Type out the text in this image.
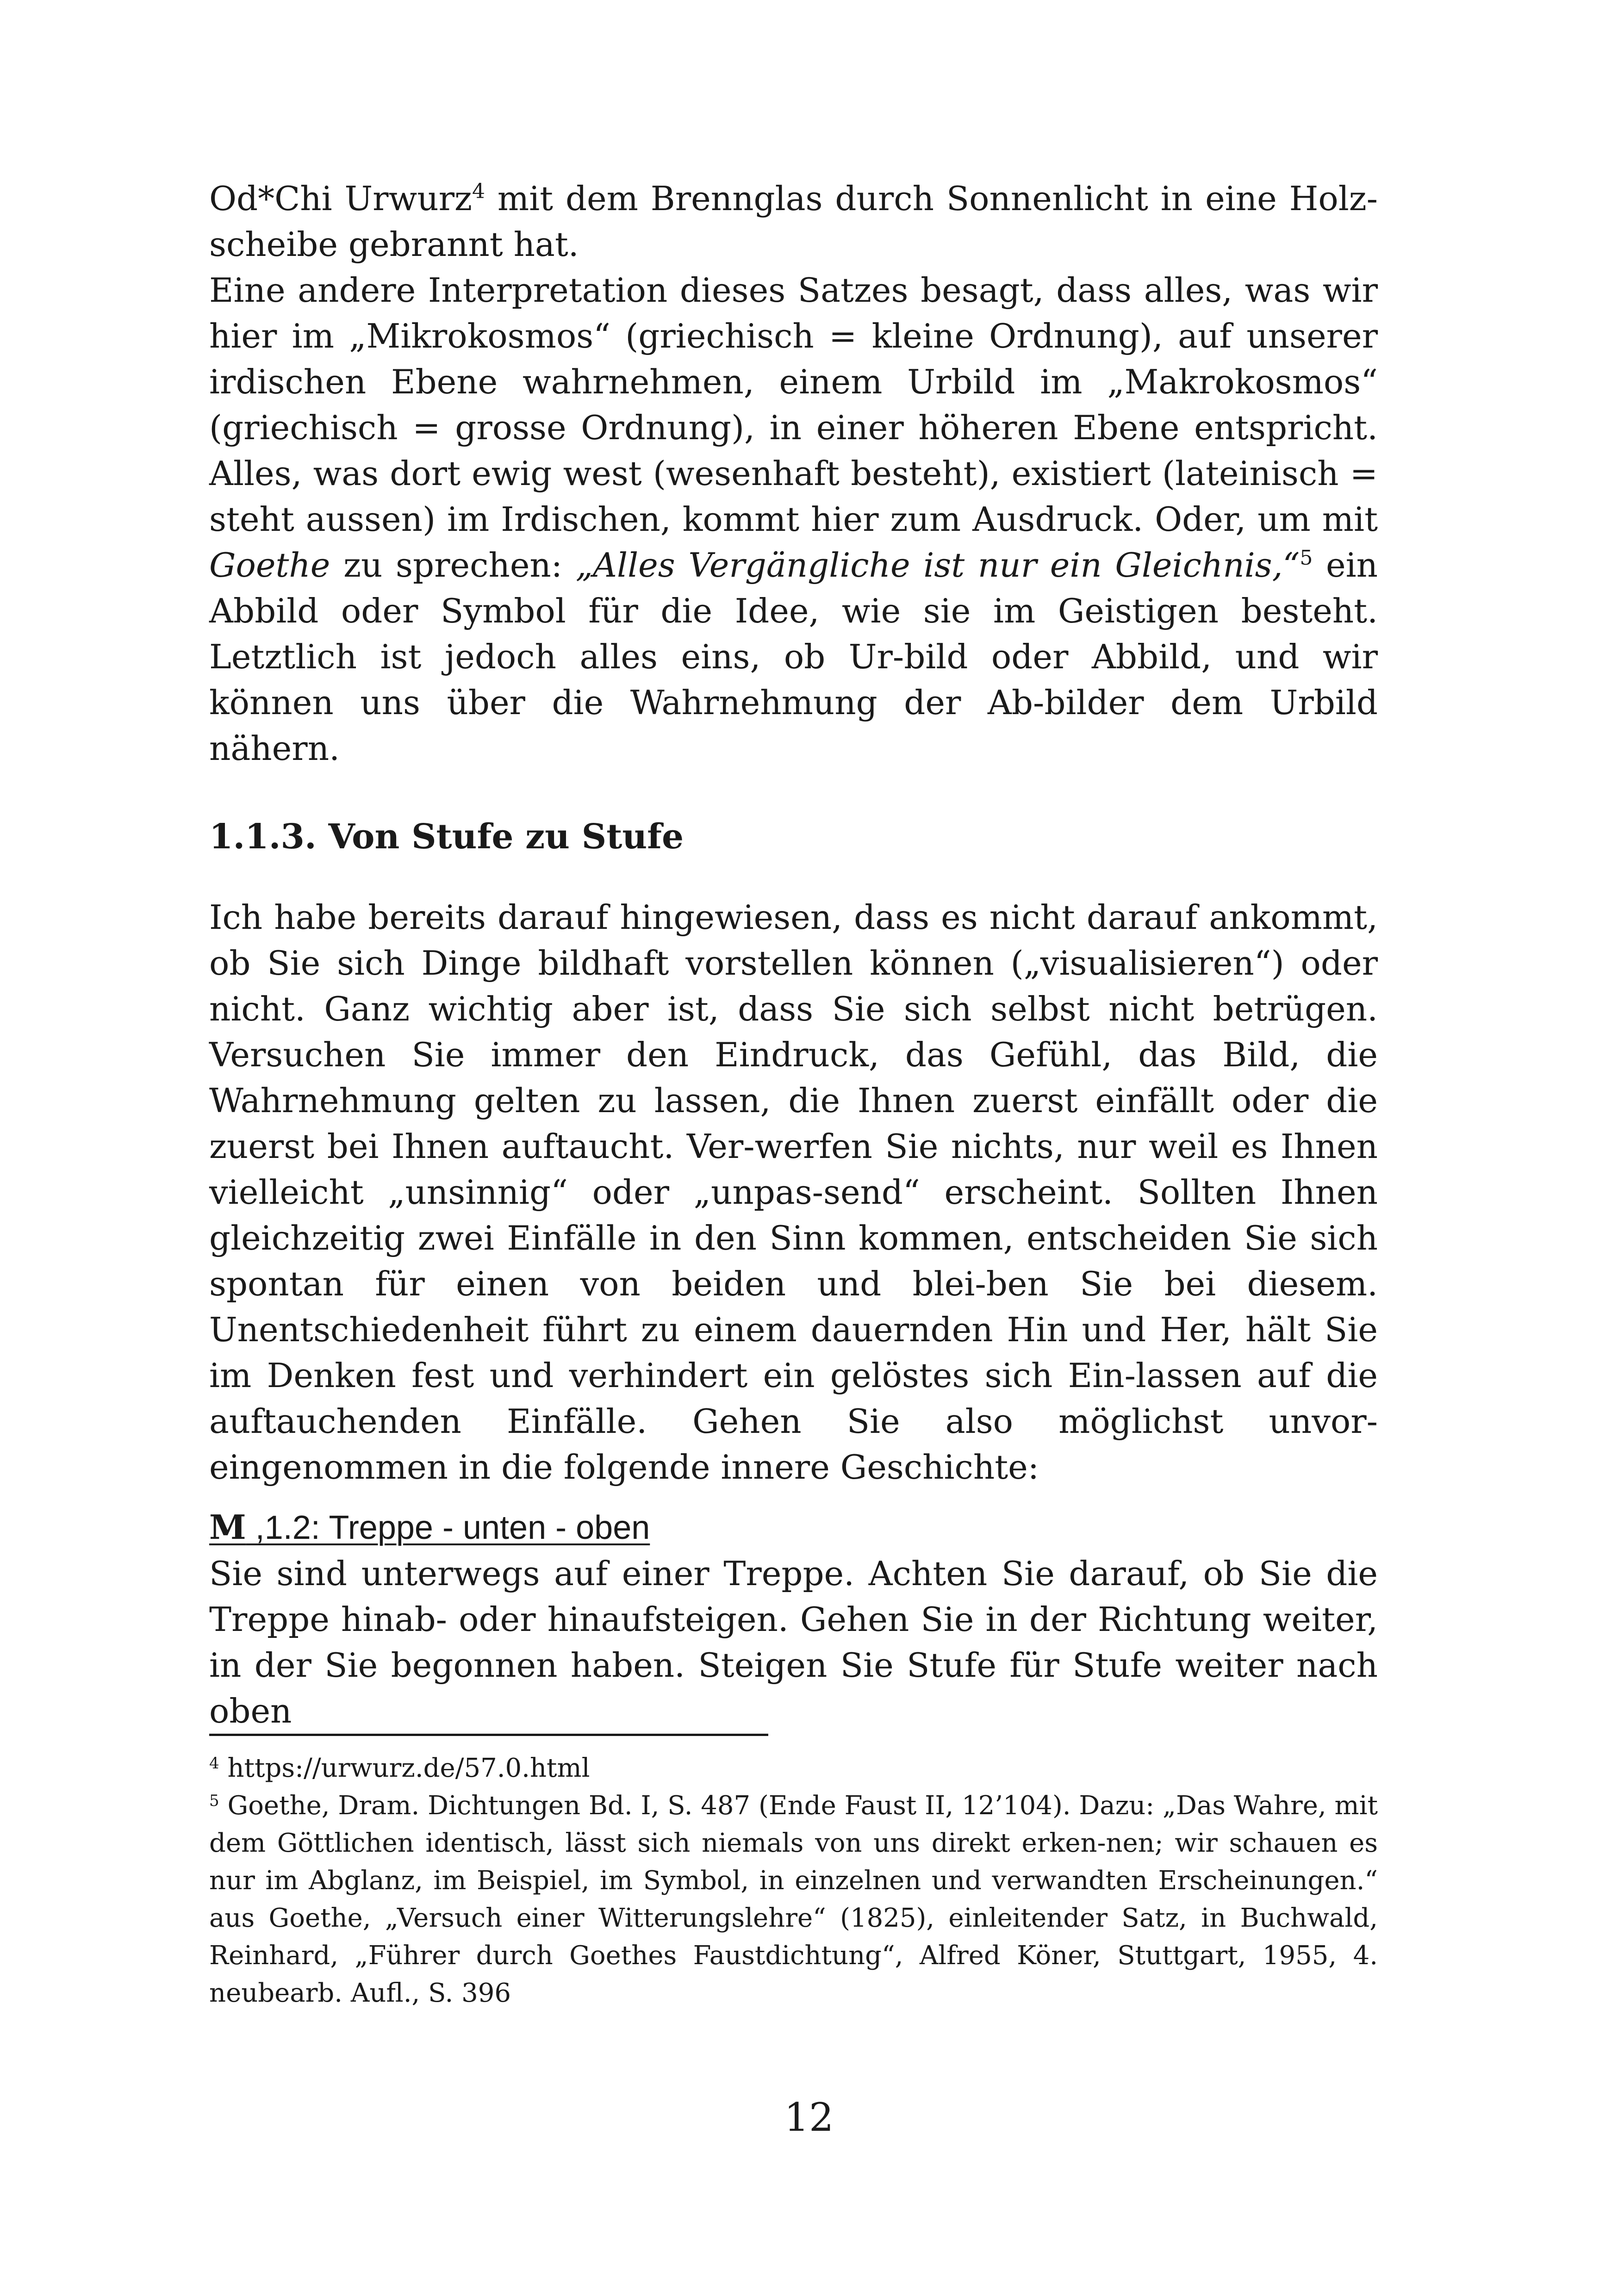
Od*Chi Urwurz$^4$ mit dem Brennglas durch Sonnenlicht in eine Holz-scheibe gebrannt hat.

Eine andere Interpretation dieses Satzes besagt, dass alles, was wir hier im „Mikrokosmos“ (griechisch = kleine Ordnung), auf unserer irdischen Ebene wahrnehmen, einem Urbild im „Makrokosmos“ (griechisch = grosse Ordnung), in einer höheren Ebene entspricht. Alles, was dort ewig west (wesenhaft besteht), existiert (lateinisch = steht aussen) im Irdischen, kommt hier zum Ausdruck. Oder, um mit Goethe zu sprechen: „Alles Vergängliche ist nur ein Gleichnis,“$^5$ ein Abbild oder Symbol für die Idee, wie sie im Geistigen besteht. Letztlich ist jedoch alles eins, ob Ur-bild oder Abbild, und wir können uns über die Wahrnehmung der Ab-bilder dem Urbild nähern.

1.1.3. Von Stufe zu Stufe

Ich habe bereits darauf hingewiesen, dass es nicht darauf ankommt, ob Sie sich Dinge bildhaft vorstellen können („visualisieren“) oder nicht. Ganz wichtig aber ist, dass Sie sich selbst nicht betrügen. Versuchen Sie immer den Eindruck, das Gefühl, das Bild, die Wahrnehmung gelten zu lassen, die Ihnen zuerst einfällt oder die zuerst bei Ihnen auftaucht. Ver-werfen Sie nichts, nur weil es Ihnen vielleicht „unsinnig“ oder „unpas-send“ erscheint. Sollten Ihnen gleichzeitig zwei Einfälle in den Sinn kommen, entscheiden Sie sich spontan für einen von beiden und blei-ben Sie bei diesem. Unentschiedenheit führt zu einem dauernden Hin und Her, hält Sie im Denken fest und verhindert ein gelöstes sich Ein-lassen auf die auftauchenden Einfälle. Gehen Sie also möglichst unvor-eingenommen in die folgende innere Geschichte:

M ,1.2: Treppe - unten - oben

Sie sind unterwegs auf einer Treppe. Achten Sie darauf, ob Sie die Treppe hinab- oder hinaufsteigen. Gehen Sie in der Richtung weiter, in der Sie begonnen haben. Steigen Sie Stufe für Stufe weiter nach oben

$^4$ https://urwurz.de/57.0.html

$^5$ Goethe, Dram. Dichtungen Bd. I, S. 487 (Ende Faust II, 12’104). Dazu: „Das Wahre, mit dem Göttlichen identisch, lässt sich niemals von uns direkt erken-nen; wir schauen es nur im Abglanz, im Beispiel, im Symbol, in einzelnen und verwandten Erscheinungen.“ aus Goethe, „Versuch einer Witterungslehre“ (1825), einleitender Satz, in Buchwald, Reinhard, „Führer durch Goethes Faustdichtung“, Alfred Köner, Stuttgart, 1955, 4. neubearb. Aufl., S. 396

12
